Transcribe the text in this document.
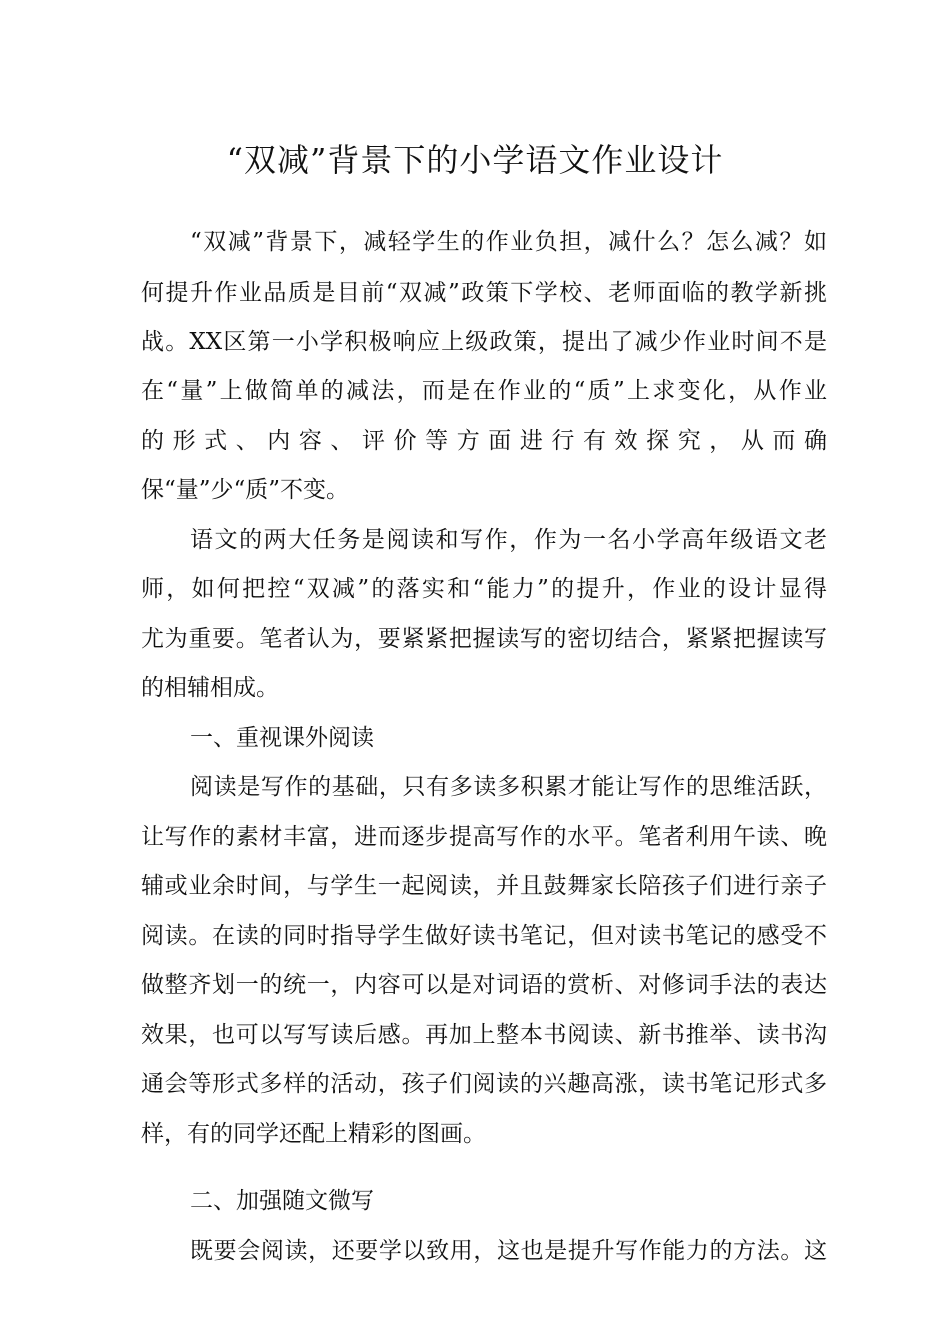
“双减”背景下的小学语文作业设计
“双减”背景下，减轻学生的作业负担，减什么？怎么减？如
何提升作业品质是目前“双减”政策下学校、老师面临的教学新挑
战。XX区第一小学积极响应上级政策，提出了减少作业时间不是
在“量”上做简单的减法，而是在作业的“质”上求变化，从作业
的 形 式 、 内 容 、 评 价 等 方 面 进 行 有 效 探 究 ， 从 而 确
保“量”少“质”不变。
语文的两大任务是阅读和写作，作为一名小学高年级语文老
师，如何把控“双减”的落实和“能力”的提升，作业的设计显得
尤为重要。笔者认为，要紧紧把握读写的密切结合，紧紧把握读写
的相辅相成。
一、重视课外阅读
阅读是写作的基础，只有多读多积累才能让写作的思维活跃，
让写作的素材丰富，进而逐步提高写作的水平。笔者利用午读、晚
辅或业余时间，与学生一起阅读，并且鼓舞家长陪孩子们进行亲子
阅读。在读的同时指导学生做好读书笔记，但对读书笔记的感受不
做整齐划一的统一，内容可以是对词语的赏析、对修词手法的表达
效果，也可以写写读后感。再加上整本书阅读、新书推举、读书沟
通会等形式多样的活动，孩子们阅读的兴趣高涨，读书笔记形式多
样，有的同学还配上精彩的图画。
二、加强随文微写
既要会阅读，还要学以致用，这也是提升写作能力的方法。这
